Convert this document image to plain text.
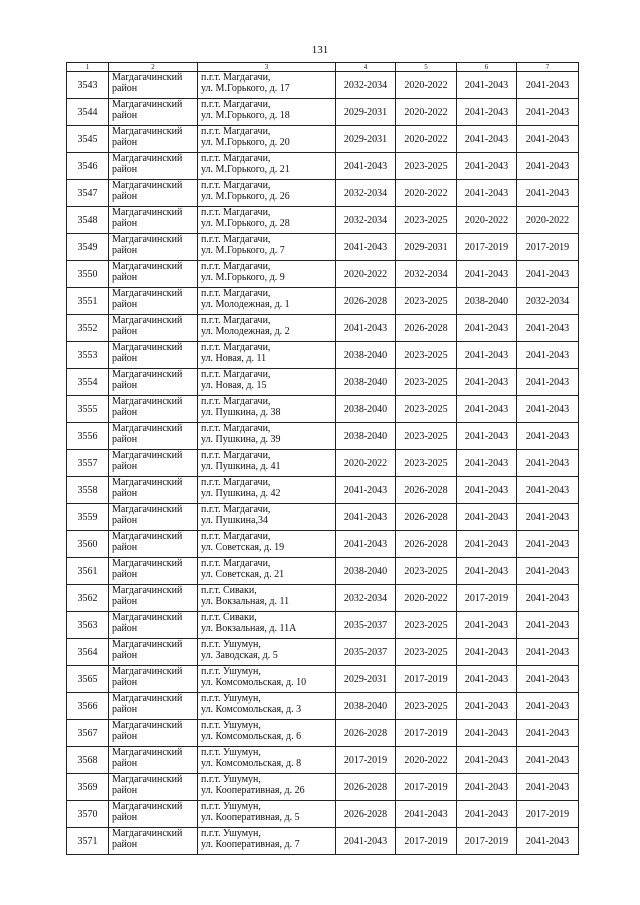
131
1	2	3	4	5	6	7
3543	Магдагачинский
район	п.г.т. Магдагачи,
ул. М.Горького, д. 17	2032-2034	2020-2022	2041-2043	2041-2043
3544	Магдагачинский
район	п.г.т. Магдагачи,
ул. М.Горького, д. 18	2029-2031	2020-2022	2041-2043	2041-2043
3545	Магдагачинский
район	п.г.т. Магдагачи,
ул. М.Горького, д. 20	2029-2031	2020-2022	2041-2043	2041-2043
3546	Магдагачинский
район	п.г.т. Магдагачи,
ул. М.Горького, д. 21	2041-2043	2023-2025	2041-2043	2041-2043
3547	Магдагачинский
район	п.г.т. Магдагачи,
ул. М.Горького, д. 26	2032-2034	2020-2022	2041-2043	2041-2043
3548	Магдагачинский
район	п.г.т. Магдагачи,
ул. М.Горького, д. 28	2032-2034	2023-2025	2020-2022	2020-2022
3549	Магдагачинский
район	п.г.т. Магдагачи,
ул. М.Горького, д. 7	2041-2043	2029-2031	2017-2019	2017-2019
3550	Магдагачинский
район	п.г.т. Магдагачи,
ул. М.Горького, д. 9	2020-2022	2032-2034	2041-2043	2041-2043
3551	Магдагачинский
район	п.г.т. Магдагачи,
ул. Молодежная, д. 1	2026-2028	2023-2025	2038-2040	2032-2034
3552	Магдагачинский
район	п.г.т. Магдагачи,
ул. Молодежная, д. 2	2041-2043	2026-2028	2041-2043	2041-2043
3553	Магдагачинский
район	п.г.т. Магдагачи,
ул. Новая, д. 11	2038-2040	2023-2025	2041-2043	2041-2043
3554	Магдагачинский
район	п.г.т. Магдагачи,
ул. Новая, д. 15	2038-2040	2023-2025	2041-2043	2041-2043
3555	Магдагачинский
район	п.г.т. Магдагачи,
ул. Пушкина, д. 38	2038-2040	2023-2025	2041-2043	2041-2043
3556	Магдагачинский
район	п.г.т. Магдагачи,
ул. Пушкина, д. 39	2038-2040	2023-2025	2041-2043	2041-2043
3557	Магдагачинский
район	п.г.т. Магдагачи,
ул. Пушкина, д. 41	2020-2022	2023-2025	2041-2043	2041-2043
3558	Магдагачинский
район	п.г.т. Магдагачи,
ул. Пушкина, д. 42	2041-2043	2026-2028	2041-2043	2041-2043
3559	Магдагачинский
район	п.г.т. Магдагачи,
ул. Пушкина,34	2041-2043	2026-2028	2041-2043	2041-2043
3560	Магдагачинский
район	п.г.т. Магдагачи,
ул. Советская, д. 19	2041-2043	2026-2028	2041-2043	2041-2043
3561	Магдагачинский
район	п.г.т. Магдагачи,
ул. Советская, д. 21	2038-2040	2023-2025	2041-2043	2041-2043
3562	Магдагачинский
район	п.г.т. Сиваки,
ул. Вокзальная, д. 11	2032-2034	2020-2022	2017-2019	2041-2043
3563	Магдагачинский
район	п.г.т. Сиваки,
ул. Вокзальная, д. 11А	2035-2037	2023-2025	2041-2043	2041-2043
3564	Магдагачинский
район	п.г.т. Ушумун,
ул. Заводская, д. 5	2035-2037	2023-2025	2041-2043	2041-2043
3565	Магдагачинский
район	п.г.т. Ушумун,
ул. Комсомольская, д. 10	2029-2031	2017-2019	2041-2043	2041-2043
3566	Магдагачинский
район	п.г.т. Ушумун,
ул. Комсомольская, д. 3	2038-2040	2023-2025	2041-2043	2041-2043
3567	Магдагачинский
район	п.г.т. Ушумун,
ул. Комсомольская, д. 6	2026-2028	2017-2019	2041-2043	2041-2043
3568	Магдагачинский
район	п.г.т. Ушумун,
ул. Комсомольская, д. 8	2017-2019	2020-2022	2041-2043	2041-2043
3569	Магдагачинский
район	п.г.т. Ушумун,
ул. Кооперативная, д. 26	2026-2028	2017-2019	2041-2043	2041-2043
3570	Магдагачинский
район	п.г.т. Ушумун,
ул. Кооперативная, д. 5	2026-2028	2041-2043	2041-2043	2017-2019
3571	Магдагачинский
район	п.г.т. Ушумун,
ул. Кооперативная, д. 7	2041-2043	2017-2019	2017-2019	2041-2043
